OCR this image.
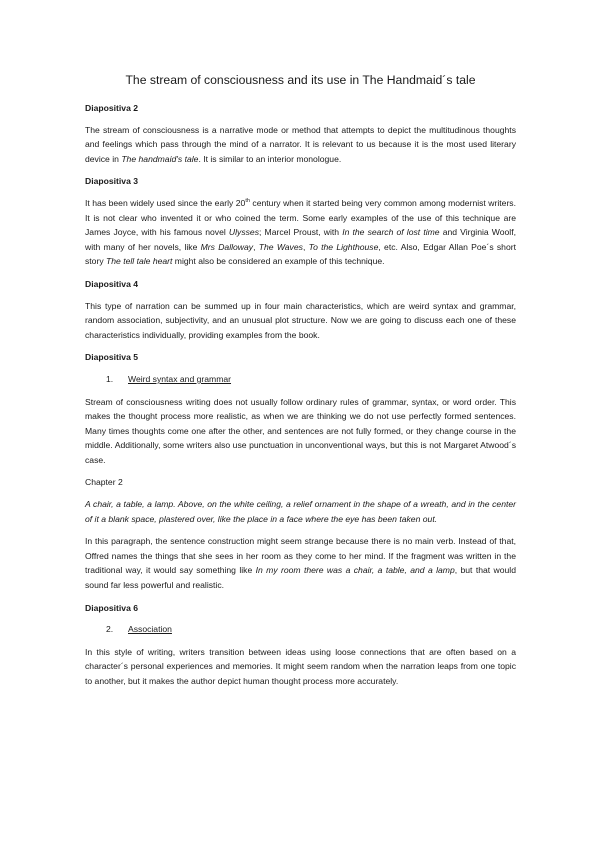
The stream of consciousness and its use in The Handmaid´s tale
Diapositiva 2

The stream of consciousness is a narrative mode or method that attempts to depict the multitudinous thoughts and feelings which pass through the mind of a narrator. It is relevant to us because it is the most used literary device in The handmaid's tale. It is similar to an interior monologue.

Diapositiva 3

It has been widely used since the early 20th century when it started being very common among modernist writers. It is not clear who invented it or who coined the term. Some early examples of the use of this technique are James Joyce, with his famous novel Ulysses; Marcel Proust, with In the search of lost time and Virginia Woolf, with many of her novels, like Mrs Dalloway, The Waves, To the Lighthouse, etc. Also, Edgar Allan Poe´s short story The tell tale heart might also be considered an example of this technique.

Diapositiva 4

This type of narration can be summed up in four main characteristics, which are weird syntax and grammar, random association, subjectivity, and an unusual plot structure. Now we are going to discuss each one of these characteristics individually, providing examples from the book.

Diapositiva 5
1. Weird syntax and grammar

Stream of consciousness writing does not usually follow ordinary rules of grammar, syntax, or word order. This makes the thought process more realistic, as when we are thinking we do not use perfectly formed sentences. Many times thoughts come one after the other, and sentences are not fully formed, or they change course in the middle. Additionally, some writers also use punctuation in unconventional ways, but this is not Margaret Atwood´s case.

Chapter 2

A chair, a table, a lamp. Above, on the white ceiling, a relief ornament in the shape of a wreath, and in the center of it a blank space, plastered over, like the place in a face where the eye has been taken out.

In this paragraph, the sentence construction might seem strange because there is no main verb. Instead of that, Offred names the things that she sees in her room as they come to her mind. If the fragment was written in the traditional way, it would say something like In my room there was a chair, a table, and a lamp, but that would sound far less powerful and realistic.

Diapositiva 6
2. Association

In this style of writing, writers transition between ideas using loose connections that are often based on a character´s personal experiences and memories. It might seem random when the narration leaps from one topic to another, but it makes the author depict human thought process more accurately.
